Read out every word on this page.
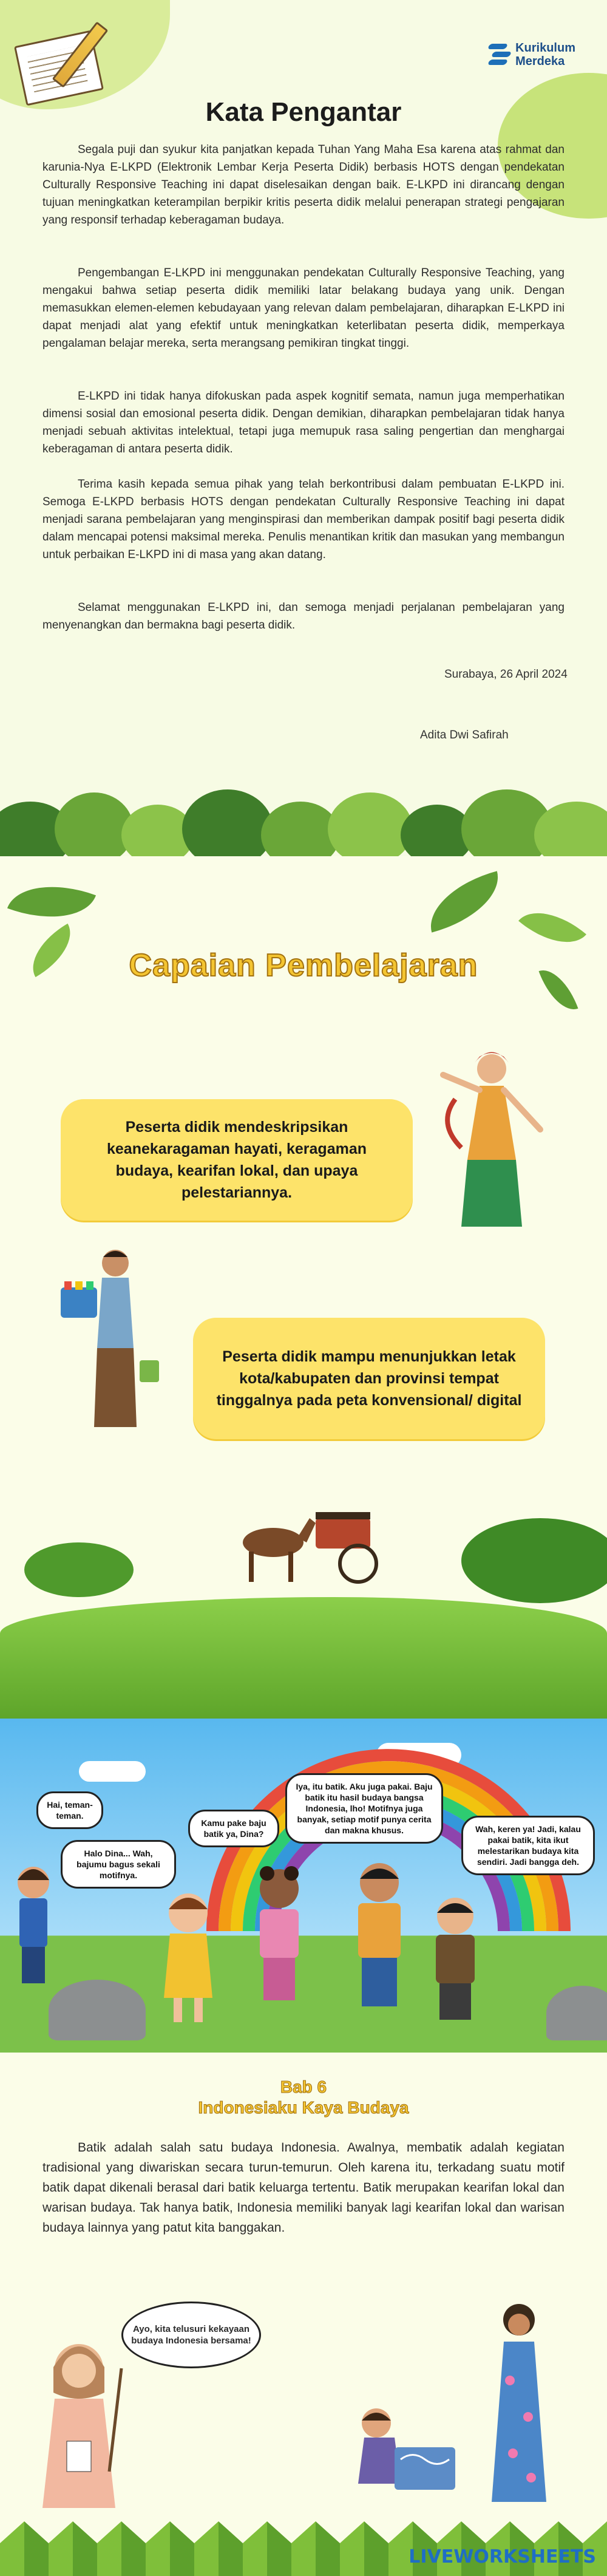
Kurikulum
Merdeka
Kata Pengantar

Segala puji dan syukur kita panjatkan kepada Tuhan Yang Maha Esa karena atas rahmat dan karunia-Nya E-LKPD (Elektronik Lembar Kerja Peserta Didik) berbasis HOTS dengan pendekatan Culturally Responsive Teaching ini dapat diselesaikan dengan baik. E-LKPD ini dirancang dengan tujuan meningkatkan keterampilan berpikir kritis peserta didik melalui penerapan strategi pengajaran yang responsif terhadap keberagaman budaya.

Pengembangan E-LKPD ini menggunakan pendekatan Culturally Responsive Teaching, yang mengakui bahwa setiap peserta didik memiliki latar belakang budaya yang unik. Dengan memasukkan elemen-elemen kebudayaan yang relevan dalam pembelajaran, diharapkan E-LKPD ini dapat menjadi alat yang efektif untuk meningkatkan keterlibatan peserta didik, memperkaya pengalaman belajar mereka, serta merangsang pemikiran tingkat tinggi.

E-LKPD ini tidak hanya difokuskan pada aspek kognitif semata, namun juga memperhatikan dimensi sosial dan emosional peserta didik. Dengan demikian, diharapkan pembelajaran tidak hanya menjadi sebuah aktivitas intelektual, tetapi juga memupuk rasa saling pengertian dan menghargai keberagaman di antara peserta didik.

Terima kasih kepada semua pihak yang telah berkontribusi dalam pembuatan E-LKPD ini. Semoga E-LKPD berbasis HOTS dengan pendekatan Culturally Responsive Teaching ini dapat menjadi sarana pembelajaran yang menginspirasi dan memberikan dampak positif bagi peserta didik dalam mencapai potensi maksimal mereka. Penulis menantikan kritik dan masukan yang membangun untuk perbaikan E-LKPD ini di masa yang akan datang.

Selamat menggunakan E-LKPD ini, dan semoga menjadi perjalanan pembelajaran yang menyenangkan dan bermakna bagi peserta didik.

Surabaya, 26 April 2024
Adita Dwi Safirah
Capaian Pembelajaran
Peserta didik mendeskripsikan keanekaragaman hayati, keragaman budaya, kearifan lokal, dan upaya pelestariannya.
Peserta didik mampu menunjukkan letak kota/kabupaten dan provinsi tempat tinggalnya pada peta konvensional/ digital
Hai, teman-teman.
Halo Dina... Wah, bajumu bagus sekali motifnya.
Kamu pake baju batik ya, Dina?
Iya, itu batik. Aku juga pakai. Baju batik itu hasil budaya bangsa Indonesia, lho! Motifnya juga banyak, setiap motif punya cerita dan makna khusus.	Wah, keren ya! Jadi, kalau pakai batik, kita ikut melestarikan budaya kita sendiri. Jadi bangga deh.
Bab 6
Indonesiaku Kaya Budaya

Batik adalah salah satu budaya Indonesia. Awalnya, membatik adalah kegiatan tradisional yang diwariskan secara turun-temurun. Oleh karena itu, terkadang suatu motif batik dapat dikenali berasal dari batik keluarga tertentu. Batik merupakan kearifan lokal dan warisan budaya. Tak hanya batik, Indonesia memiliki banyak lagi kearifan lokal dan warisan budaya lainnya yang patut kita banggakan.

Ayo, kita telusuri kekayaan budaya Indonesia bersama!
LIVEWORKSHEETS
